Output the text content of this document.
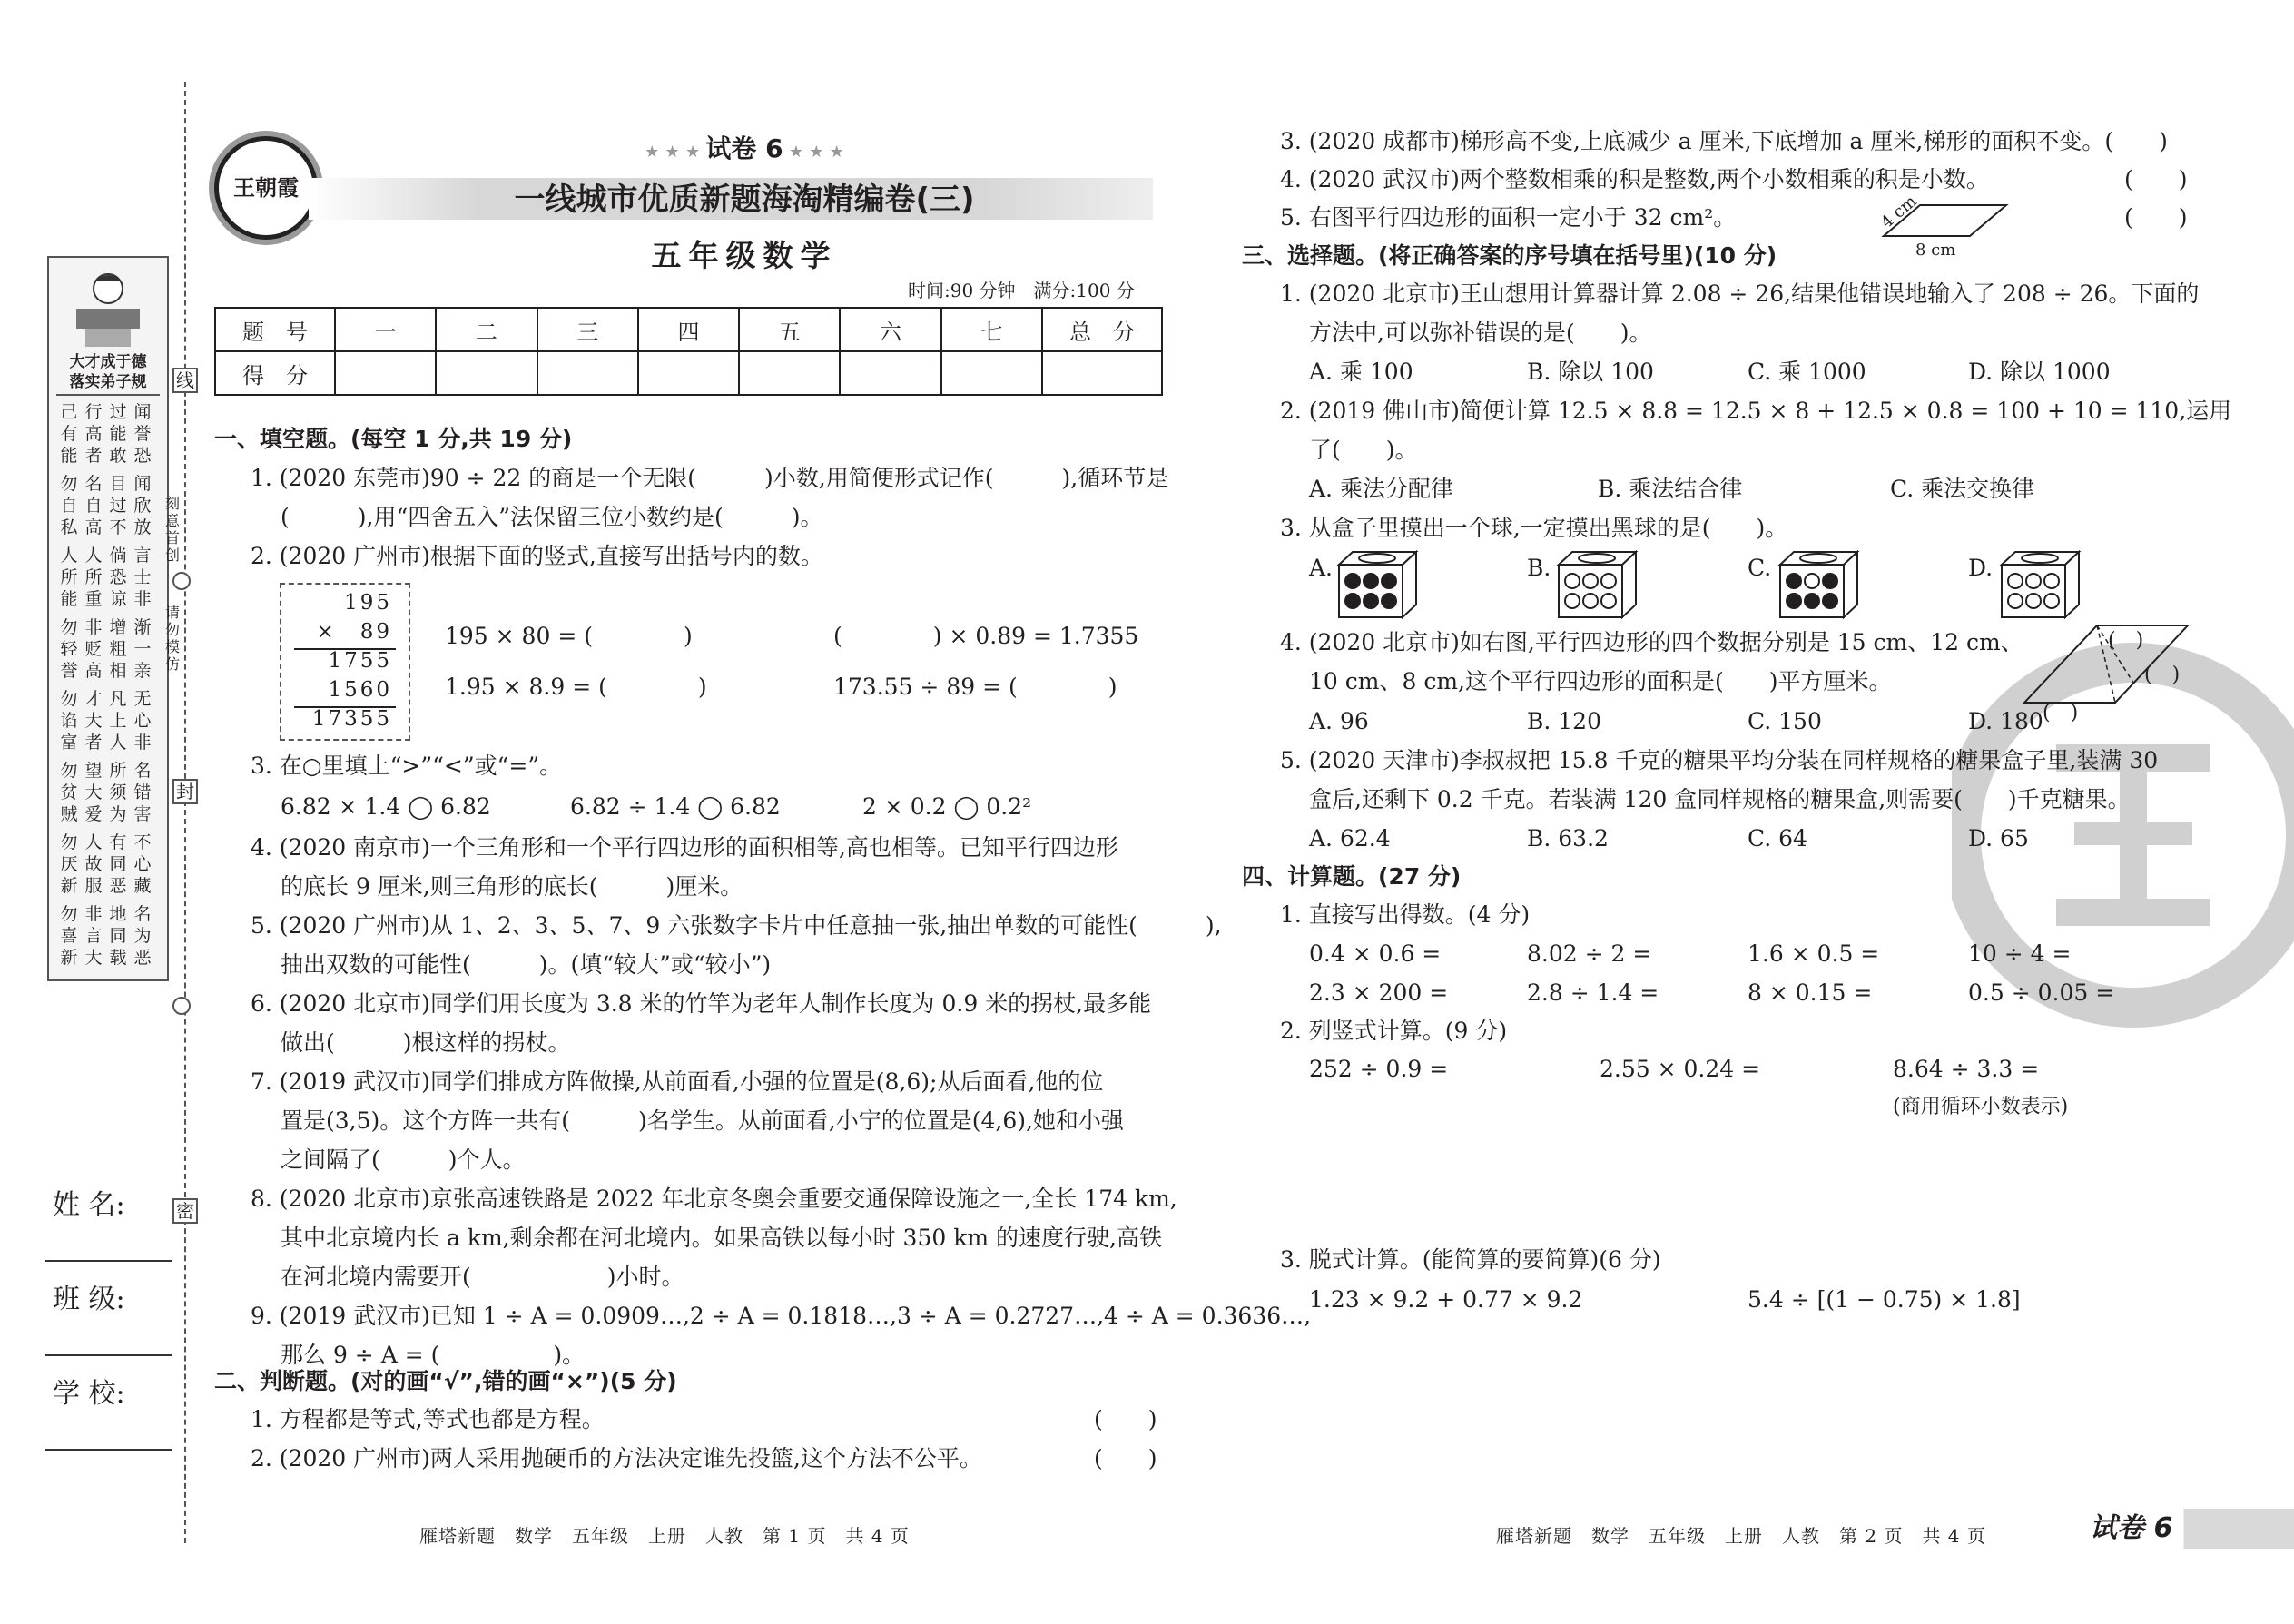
大才成于德
落实弟子规
己有能
行高者
过能敢
闻誉恐
勿自私
名自高
目过不
闻欣放
人所能
人所重
倘恐谅
言士非
勿轻誉
非贬高
增粗相
渐一亲
勿谄富
才大者
凡上人
无心非
勿贫贼
望大爱
所须为
名错害
勿厌新
人故服
有同恶
不心藏
勿喜新
非言大
地同载
名为恶
线
封
密
刻意首创
请勿模仿
姓 名:
班 级:
学 校:
王朝霞
★ ★ ★ 试卷 6 ★ ★ ★
一线城市优质新题海淘精编卷(三)
五年级数学
时间:90 分钟　满分:100 分
题　号	一	二	三	四	五	六	七	总　分
得　分								
一、填空题。(每空 1 分,共 19 分)
1. (2020 东莞市)90 ÷ 22 的商是一个无限(　　　)小数,用简便形式记作(　　　),循环节是
(　　　),用“四舍五入”法保留三位小数约是(　　　)。
2. (2020 广州市)根据下面的竖式,直接写出括号内的数。
195
×　89
1755
1560
17355
195 × 80 = (　　　　)	(　　　　) × 0.89 = 1.7355
1.95 × 8.9 = (　　　　)	173.55 ÷ 89 = (　　　　)
3. 在○里填上“>”“<”或“=”。
6.82 × 1.4 ◯ 6.82	6.82 ÷ 1.4 ◯ 6.82	2 × 0.2 ◯ 0.2²
4. (2020 南京市)一个三角形和一个平行四边形的面积相等,高也相等。已知平行四边形
的底长 9 厘米,则三角形的底长(　　　)厘米。
5. (2020 广州市)从 1、2、3、5、7、9 六张数字卡片中任意抽一张,抽出单数的可能性(　　　),
抽出双数的可能性(　　　)。(填“较大”或“较小”)
6. (2020 北京市)同学们用长度为 3.8 米的竹竿为老年人制作长度为 0.9 米的拐杖,最多能
做出(　　　)根这样的拐杖。
7. (2019 武汉市)同学们排成方阵做操,从前面看,小强的位置是(8,6);从后面看,他的位
置是(3,5)。这个方阵一共有(　　　)名学生。从前面看,小宁的位置是(4,6),她和小强
之间隔了(　　　)个人。
8. (2020 北京市)京张高速铁路是 2022 年北京冬奥会重要交通保障设施之一,全长 174 km,
其中北京境内长 a km,剩余都在河北境内。如果高铁以每小时 350 km 的速度行驶,高铁
在河北境内需要开(　　　　　　)小时。
9. (2019 武汉市)已知 1 ÷ A = 0.0909…,2 ÷ A = 0.1818…,3 ÷ A = 0.2727…,4 ÷ A = 0.3636…,
那么 9 ÷ A = (　　　　　)。
二、判断题。(对的画“√”,错的画“×”)(5 分)
1. 方程都是等式,等式也都是方程。	(　　)
2. (2020 广州市)两人采用抛硬币的方法决定谁先投篮,这个方法不公平。	(　　)
雁塔新题　数学　五年级　上册　人教　第 1 页　共 4 页
3. (2020 成都市)梯形高不变,上底减少 a 厘米,下底增加 a 厘米,梯形的面积不变。(　　)
4. (2020 武汉市)两个整数相乘的积是整数,两个小数相乘的积是小数。	(　　)
5. 右图平行四边形的面积一定小于 32 cm²。	(　　)
4 cm
8 cm
三、选择题。(将正确答案的序号填在括号里)(10 分)
1. (2020 北京市)王山想用计算器计算 2.08 ÷ 26,结果他错误地输入了 208 ÷ 26。下面的
方法中,可以弥补错误的是(　　)。
A. 乘 100	B. 除以 100	C. 乘 1000	D. 除以 1000
2. (2019 佛山市)简便计算 12.5 × 8.8 = 12.5 × 8 + 12.5 × 0.8 = 100 + 10 = 110,运用
了(　　)。
A. 乘法分配律	B. 乘法结合律	C. 乘法交换律
3. 从盒子里摸出一个球,一定摸出黑球的是(　　)。
A.	B.	C.	D.
4. (2020 北京市)如右图,平行四边形的四个数据分别是 15 cm、12 cm、
10 cm、8 cm,这个平行四边形的面积是(　　)平方厘米。
A. 96	B. 120	C. 150	D. 180
(　)
(　)
(　)
5. (2020 天津市)李叔叔把 15.8 千克的糖果平均分装在同样规格的糖果盒子里,装满 30
盒后,还剩下 0.2 千克。若装满 120 盒同样规格的糖果盒,则需要(　　)千克糖果。
A. 62.4	B. 63.2	C. 64	D. 65
四、计算题。(27 分)
1. 直接写出得数。(4 分)
0.4 × 0.6 =	8.02 ÷ 2 =	1.6 × 0.5 =	10 ÷ 4 =
2.3 × 200 =	2.8 ÷ 1.4 =	8 × 0.15 =	0.5 ÷ 0.05 =
2. 列竖式计算。(9 分)
252 ÷ 0.9 =	2.55 × 0.24 =	8.64 ÷ 3.3 =
(商用循环小数表示)
3. 脱式计算。(能简算的要简算)(6 分)
1.23 × 9.2 + 0.77 × 9.2	5.4 ÷ [(1 − 0.75) × 1.8]
雁塔新题　数学　五年级　上册　人教　第 2 页　共 4 页	试卷 6
